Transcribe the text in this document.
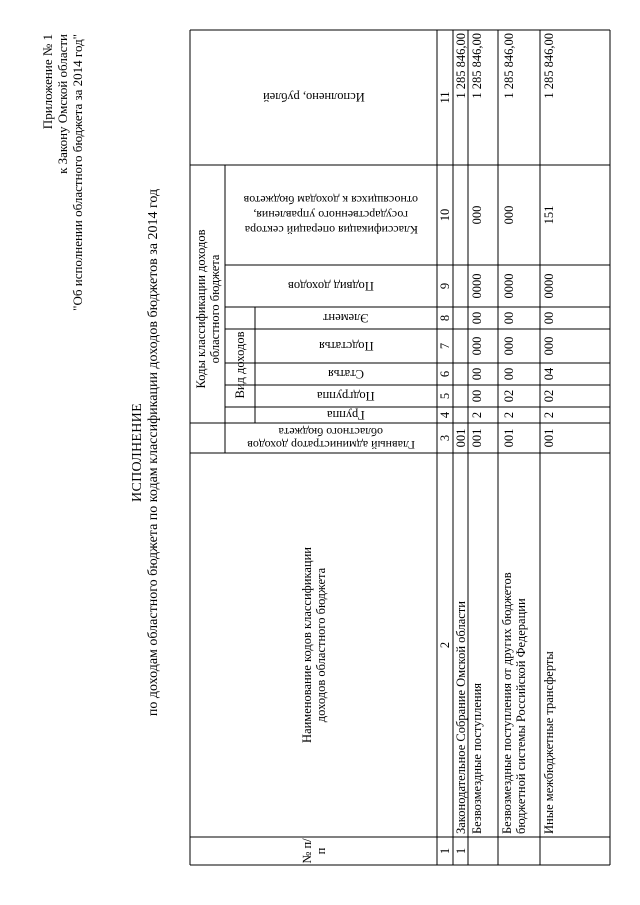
Приложение № 1 к Закону Омской области "Об исполнении областного бюджета за 2014 год"
ИСПОЛНЕНИЕ по доходам областного бюджета по кодам классификации доходов бюджетов за 2014 год
№ п/п
Наименование кодов классификации доходов областного бюджета
Коды классификации доходов областного бюджета
Главный администратор доходов областного бюджета
Вид доходов
Группа
Подгруппа
Статья
Подстатья
Элемент
Подвид доходов
Классификация операций сектора государственного управления, относящихся к доходам бюджетов
Исполнено, рублей
1
2
3
4
5
6
7
8
9
10
11
1
Законодательное Собрание Омской области
001
1 285 846,00
Безвозмездные поступления
001
2
00
00
000
00
0000
000
1 285 846,00
Безвозмездные поступления от других бюджетов бюджетной системы Российской Федерации
001
2
02
00
000
00
0000
000
1 285 846,00
Иные межбюджетные трансферты
001
2
02
04
000
00
0000
151
1 285 846,00
